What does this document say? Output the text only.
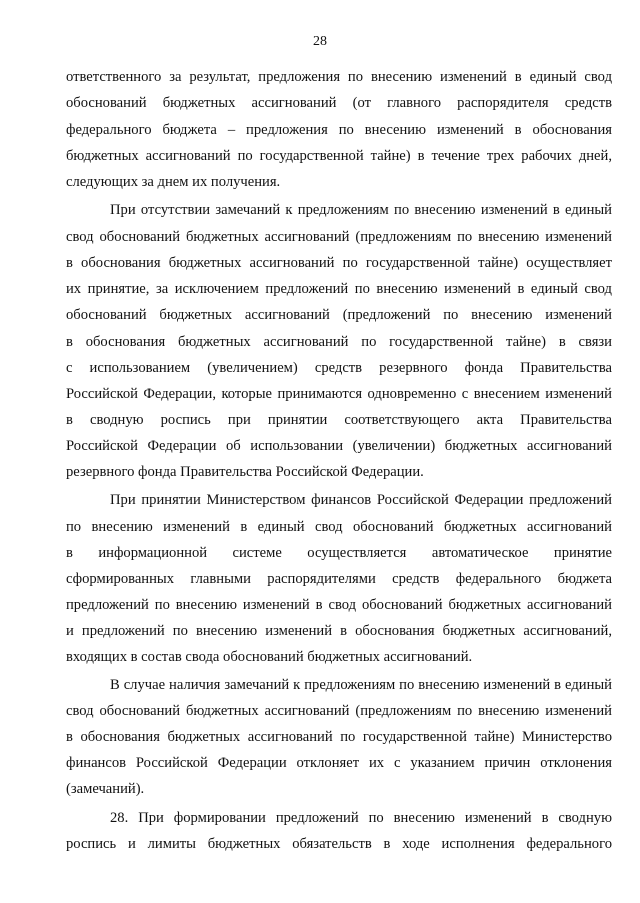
28
ответственного за результат, предложения по внесению изменений в единый свод
обоснований бюджетных ассигнований (от главного распорядителя средств
федерального бюджета – предложения по внесению изменений в обоснования
бюджетных ассигнований по государственной тайне) в течение трех рабочих дней,
следующих за днем их получения.
При отсутствии замечаний к предложениям по внесению изменений в единый
свод обоснований бюджетных ассигнований (предложениям по внесению изменений
в обоснования бюджетных ассигнований по государственной тайне) осуществляет
их принятие, за исключением предложений по внесению изменений в единый свод
обоснований бюджетных ассигнований (предложений по внесению изменений
в обоснования бюджетных ассигнований по государственной тайне) в связи
с использованием (увеличением) средств резервного фонда Правительства
Российской Федерации, которые принимаются одновременно с внесением изменений
в сводную роспись при принятии соответствующего акта Правительства
Российской Федерации об использовании (увеличении) бюджетных ассигнований
резервного фонда Правительства Российской Федерации.
При принятии Министерством финансов Российской Федерации предложений
по внесению изменений в единый свод обоснований бюджетных ассигнований
в информационной системе осуществляется автоматическое принятие
сформированных главными распорядителями средств федерального бюджета
предложений по внесению изменений в свод обоснований бюджетных ассигнований
и предложений по внесению изменений в обоснования бюджетных ассигнований,
входящих в состав свода обоснований бюджетных ассигнований.
В случае наличия замечаний к предложениям по внесению изменений в единый
свод обоснований бюджетных ассигнований (предложениям по внесению изменений
в обоснования бюджетных ассигнований по государственной тайне) Министерство
финансов Российской Федерации отклоняет их с указанием причин отклонения
(замечаний).
28. При формировании предложений по внесению изменений в сводную
роспись и лимиты бюджетных обязательств в ходе исполнения федерального
